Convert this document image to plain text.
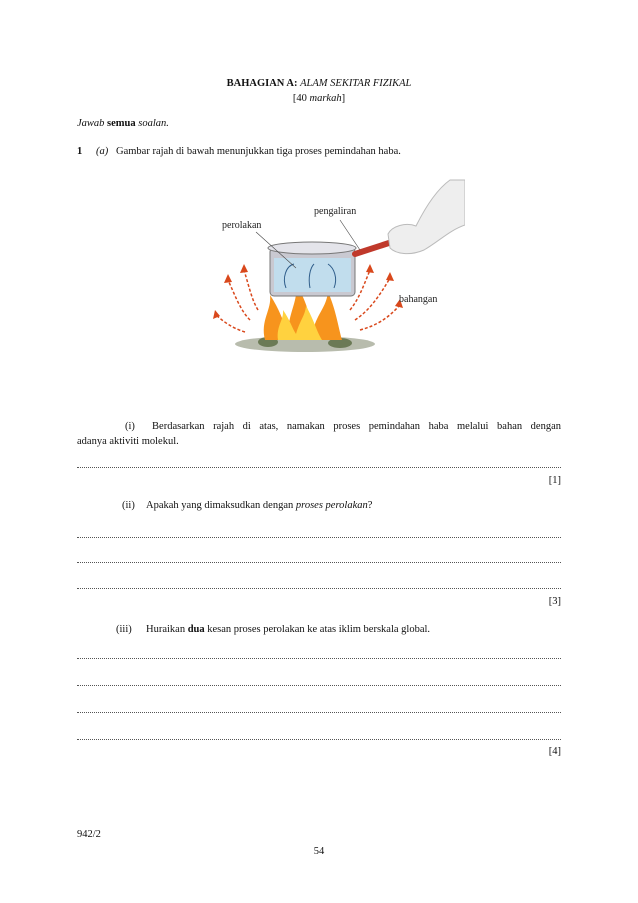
BAHAGIAN A: ALAM SEKITAR FIZIKAL
[40 markah]
Jawab semua soalan.
1 (a) Gambar rajah di bawah menunjukkan tiga proses pemindahan haba.
perolakan
pengaliran
bahangan
(i) Berdasarkan rajah di atas, namakan proses pemindahan haba melalui bahan dengan
adanya aktiviti molekul.
[1]
(ii) Apakah yang dimaksudkan dengan proses perolakan?
[3]
(iii) Huraikan dua kesan proses perolakan ke atas iklim berskala global.
[4]
942/2
54
